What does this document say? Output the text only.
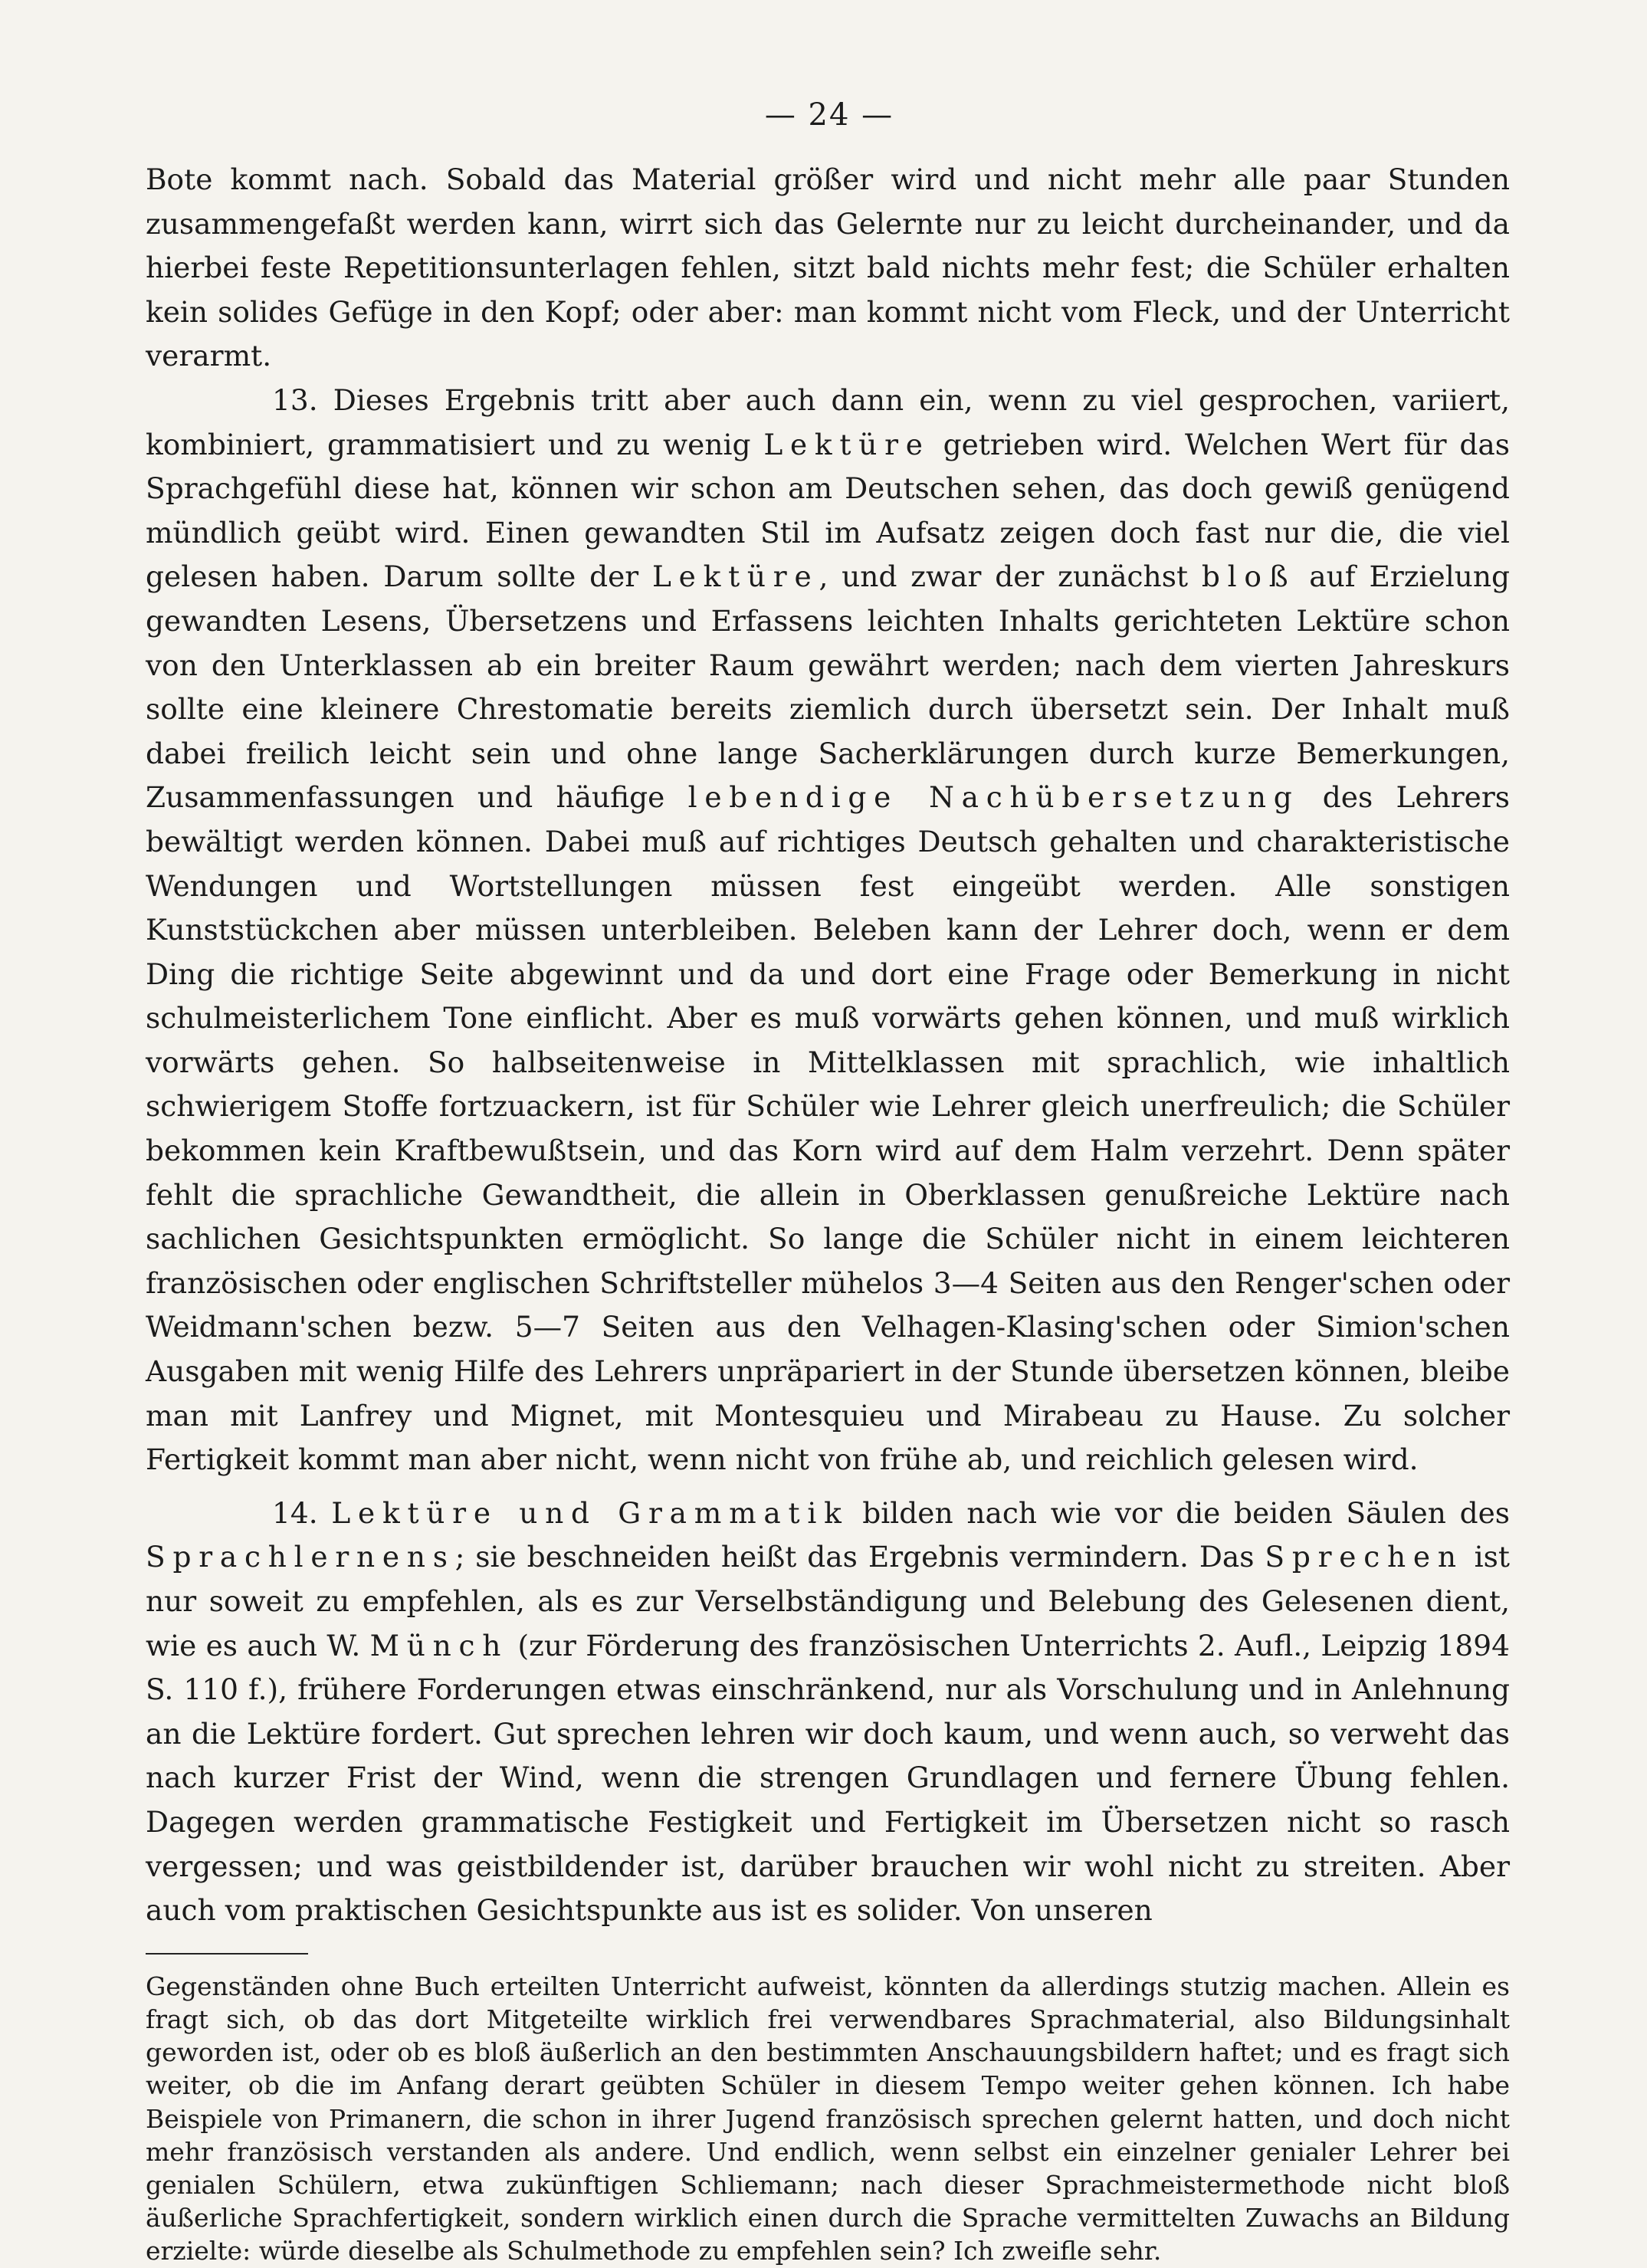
— 24 —

Bote kommt nach. Sobald das Material größer wird und nicht mehr alle paar Stunden zusammengefaßt werden kann, wirrt sich das Gelernte nur zu leicht durcheinander, und da hierbei feste Repetitionsunterlagen fehlen, sitzt bald nichts mehr fest; die Schüler erhalten kein solides Gefüge in den Kopf; oder aber: man kommt nicht vom Fleck, und der Unterricht verarmt.

13. Dieses Ergebnis tritt aber auch dann ein, wenn zu viel gesprochen, variiert, kombiniert, grammatisiert und zu wenig Lektüre getrieben wird. Welchen Wert für das Sprachgefühl diese hat, können wir schon am Deutschen sehen, das doch gewiß genügend mündlich geübt wird. Einen gewandten Stil im Aufsatz zeigen doch fast nur die, die viel gelesen haben. Darum sollte der Lektüre, und zwar der zunächst bloß auf Erzielung gewandten Lesens, Übersetzens und Erfassens leichten Inhalts gerichteten Lektüre schon von den Unterklassen ab ein breiter Raum gewährt werden; nach dem vierten Jahreskurs sollte eine kleinere Chrestomatie bereits ziemlich durch übersetzt sein. Der Inhalt muß dabei freilich leicht sein und ohne lange Sacherklärungen durch kurze Bemerkungen, Zusammenfassungen und häufige lebendige Nachübersetzung des Lehrers bewältigt werden können. Dabei muß auf richtiges Deutsch gehalten und charakteristische Wendungen und Wortstellungen müssen fest eingeübt werden. Alle sonstigen Kunststückchen aber müssen unterbleiben. Beleben kann der Lehrer doch, wenn er dem Ding die richtige Seite abgewinnt und da und dort eine Frage oder Bemerkung in nicht schulmeisterlichem Tone einflicht. Aber es muß vorwärts gehen können, und muß wirklich vorwärts gehen. So halbseitenweise in Mittelklassen mit sprachlich, wie inhaltlich schwierigem Stoffe fortzuackern, ist für Schüler wie Lehrer gleich unerfreulich; die Schüler bekommen kein Kraftbewußtsein, und das Korn wird auf dem Halm verzehrt. Denn später fehlt die sprachliche Gewandtheit, die allein in Oberklassen genußreiche Lektüre nach sachlichen Gesichtspunkten ermöglicht. So lange die Schüler nicht in einem leichteren französischen oder englischen Schriftsteller mühelos 3—4 Seiten aus den Renger'schen oder Weidmann'schen bezw. 5—7 Seiten aus den Velhagen-Klasing'schen oder Simion'schen Ausgaben mit wenig Hilfe des Lehrers unpräpariert in der Stunde übersetzen können, bleibe man mit Lanfrey und Mignet, mit Montesquieu und Mirabeau zu Hause. Zu solcher Fertigkeit kommt man aber nicht, wenn nicht von frühe ab, und reichlich gelesen wird.

14. Lektüre und Grammatik bilden nach wie vor die beiden Säulen des Sprachlernens; sie beschneiden heißt das Ergebnis vermindern. Das Sprechen ist nur soweit zu empfehlen, als es zur Verselbständigung und Belebung des Gelesenen dient, wie es auch W. Münch (zur Förderung des französischen Unterrichts 2. Aufl., Leipzig 1894 S. 110 f.), frühere Forderungen etwas einschränkend, nur als Vorschulung und in Anlehnung an die Lektüre fordert. Gut sprechen lehren wir doch kaum, und wenn auch, so verweht das nach kurzer Frist der Wind, wenn die strengen Grundlagen und fernere Übung fehlen. Dagegen werden grammatische Festigkeit und Fertigkeit im Übersetzen nicht so rasch vergessen; und was geistbildender ist, darüber brauchen wir wohl nicht zu streiten. Aber auch vom praktischen Gesichtspunkte aus ist es solider. Von unseren

Gegenständen ohne Buch erteilten Unterricht aufweist, könnten da allerdings stutzig machen. Allein es fragt sich, ob das dort Mitgeteilte wirklich frei verwendbares Sprachmaterial, also Bildungsinhalt geworden ist, oder ob es bloß äußerlich an den bestimmten Anschauungsbildern haftet; und es fragt sich weiter, ob die im Anfang derart geübten Schüler in diesem Tempo weiter gehen können. Ich habe Beispiele von Primanern, die schon in ihrer Jugend französisch sprechen gelernt hatten, und doch nicht mehr französisch verstanden als andere. Und endlich, wenn selbst ein einzelner genialer Lehrer bei genialen Schülern, etwa zukünftigen Schliemann; nach dieser Sprachmeistermethode nicht bloß äußerliche Sprachfertigkeit, sondern wirklich einen durch die Sprache vermittelten Zuwachs an Bildung erzielte: würde dieselbe als Schulmethode zu empfehlen sein? Ich zweifle sehr.
